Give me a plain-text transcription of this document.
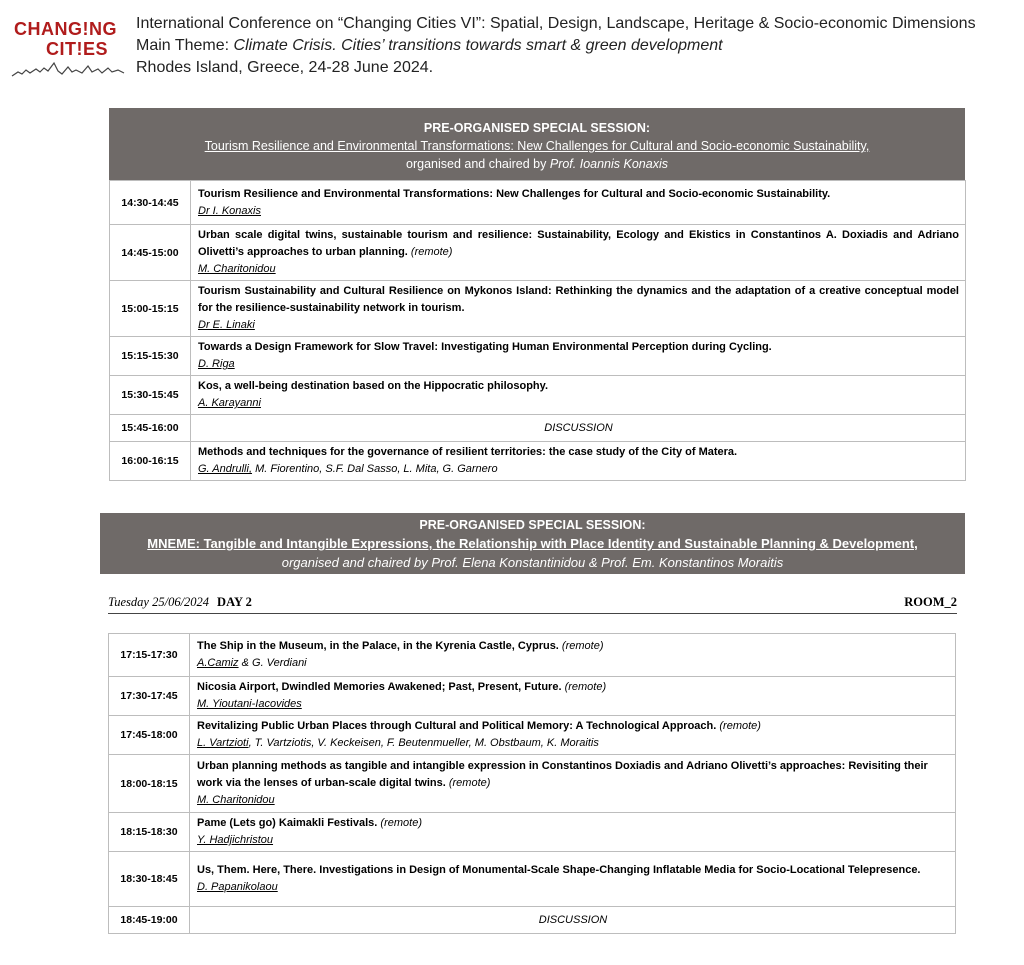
CHANG!NG
CIT!ES
International Conference on “Changing Cities VI”: Spatial, Design, Landscape, Heritage & Socio-economic Dimensions
Main Theme: Climate Crisis. Cities’ transitions towards smart & green development
Rhodes Island, Greece, 24-28 June 2024.
PRE-ORGANISED SPECIAL SESSION:
Tourism Resilience and Environmental Transformations: New Challenges for Cultural and Socio-economic Sustainability,
organised and chaired by Prof. Ioannis Konaxis
14:30-14:45	Tourism Resilience and Environmental Transformations: New Challenges for Cultural and Socio-economic Sustainability.
Dr I. Konaxis

14:45-15:00	Urban scale digital twins, sustainable tourism and resilience: Sustainability, Ecology and Ekistics in Constantinos A. Doxiadis and Adriano Olivetti’s approaches to urban planning. (remote)
M. Charitonidou

15:00-15:15	Tourism Sustainability and Cultural Resilience on Mykonos Island: Rethinking the dynamics and the adaptation of a creative conceptual model for the resilience-sustainability network in tourism.
Dr E. Linaki

15:15-15:30	Towards a Design Framework for Slow Travel: Investigating Human Environmental Perception during Cycling.
D. Riga

15:30-15:45	Kos, a well-being destination based on the Hippocratic philosophy.
A. Karayanni

15:45-16:00	DISCUSSION
16:00-16:15	Methods and techniques for the governance of resilient territories: the case study of the City of Matera.
G. Andrulli, M. Fiorentino, S.F. Dal Sasso, L. Mita, G. Garnero
PRE-ORGANISED SPECIAL SESSION:
MNEME: Tangible and Intangible Expressions, the Relationship with Place Identity and Sustainable Planning & Development,
organised and chaired by Prof. Elena Konstantinidou & Prof. Em. Konstantinos Moraitis
Tuesday 25/06/2024 DAY 2	ROOM_2
17:15-17:30	The Ship in the Museum, in the Palace, in the Kyrenia Castle, Cyprus. (remote)
A.Camiz & G. Verdiani

17:30-17:45	Nicosia Airport, Dwindled Memories Awakened; Past, Present, Future. (remote)
M. Yioutani-Iacovides

17:45-18:00	Revitalizing Public Urban Places through Cultural and Political Memory: A Technological Approach. (remote)
L. Vartzioti, T. Vartziotis, V. Keckeisen, F. Beutenmueller, M. Obstbaum, K. Moraitis

18:00-18:15	Urban planning methods as tangible and intangible expression in Constantinos Doxiadis and Adriano Olivetti’s approaches: Revisiting their work via the lenses of urban-scale digital twins. (remote)
M. Charitonidou

18:15-18:30	Pame (Lets go) Kaimakli Festivals. (remote)
Y. Hadjichristou

18:30-18:45	Us, Them. Here, There. Investigations in Design of Monumental-Scale Shape-Changing Inflatable Media for Socio-Locational Telepresence.
D. Papanikolaou

18:45-19:00	DISCUSSION
